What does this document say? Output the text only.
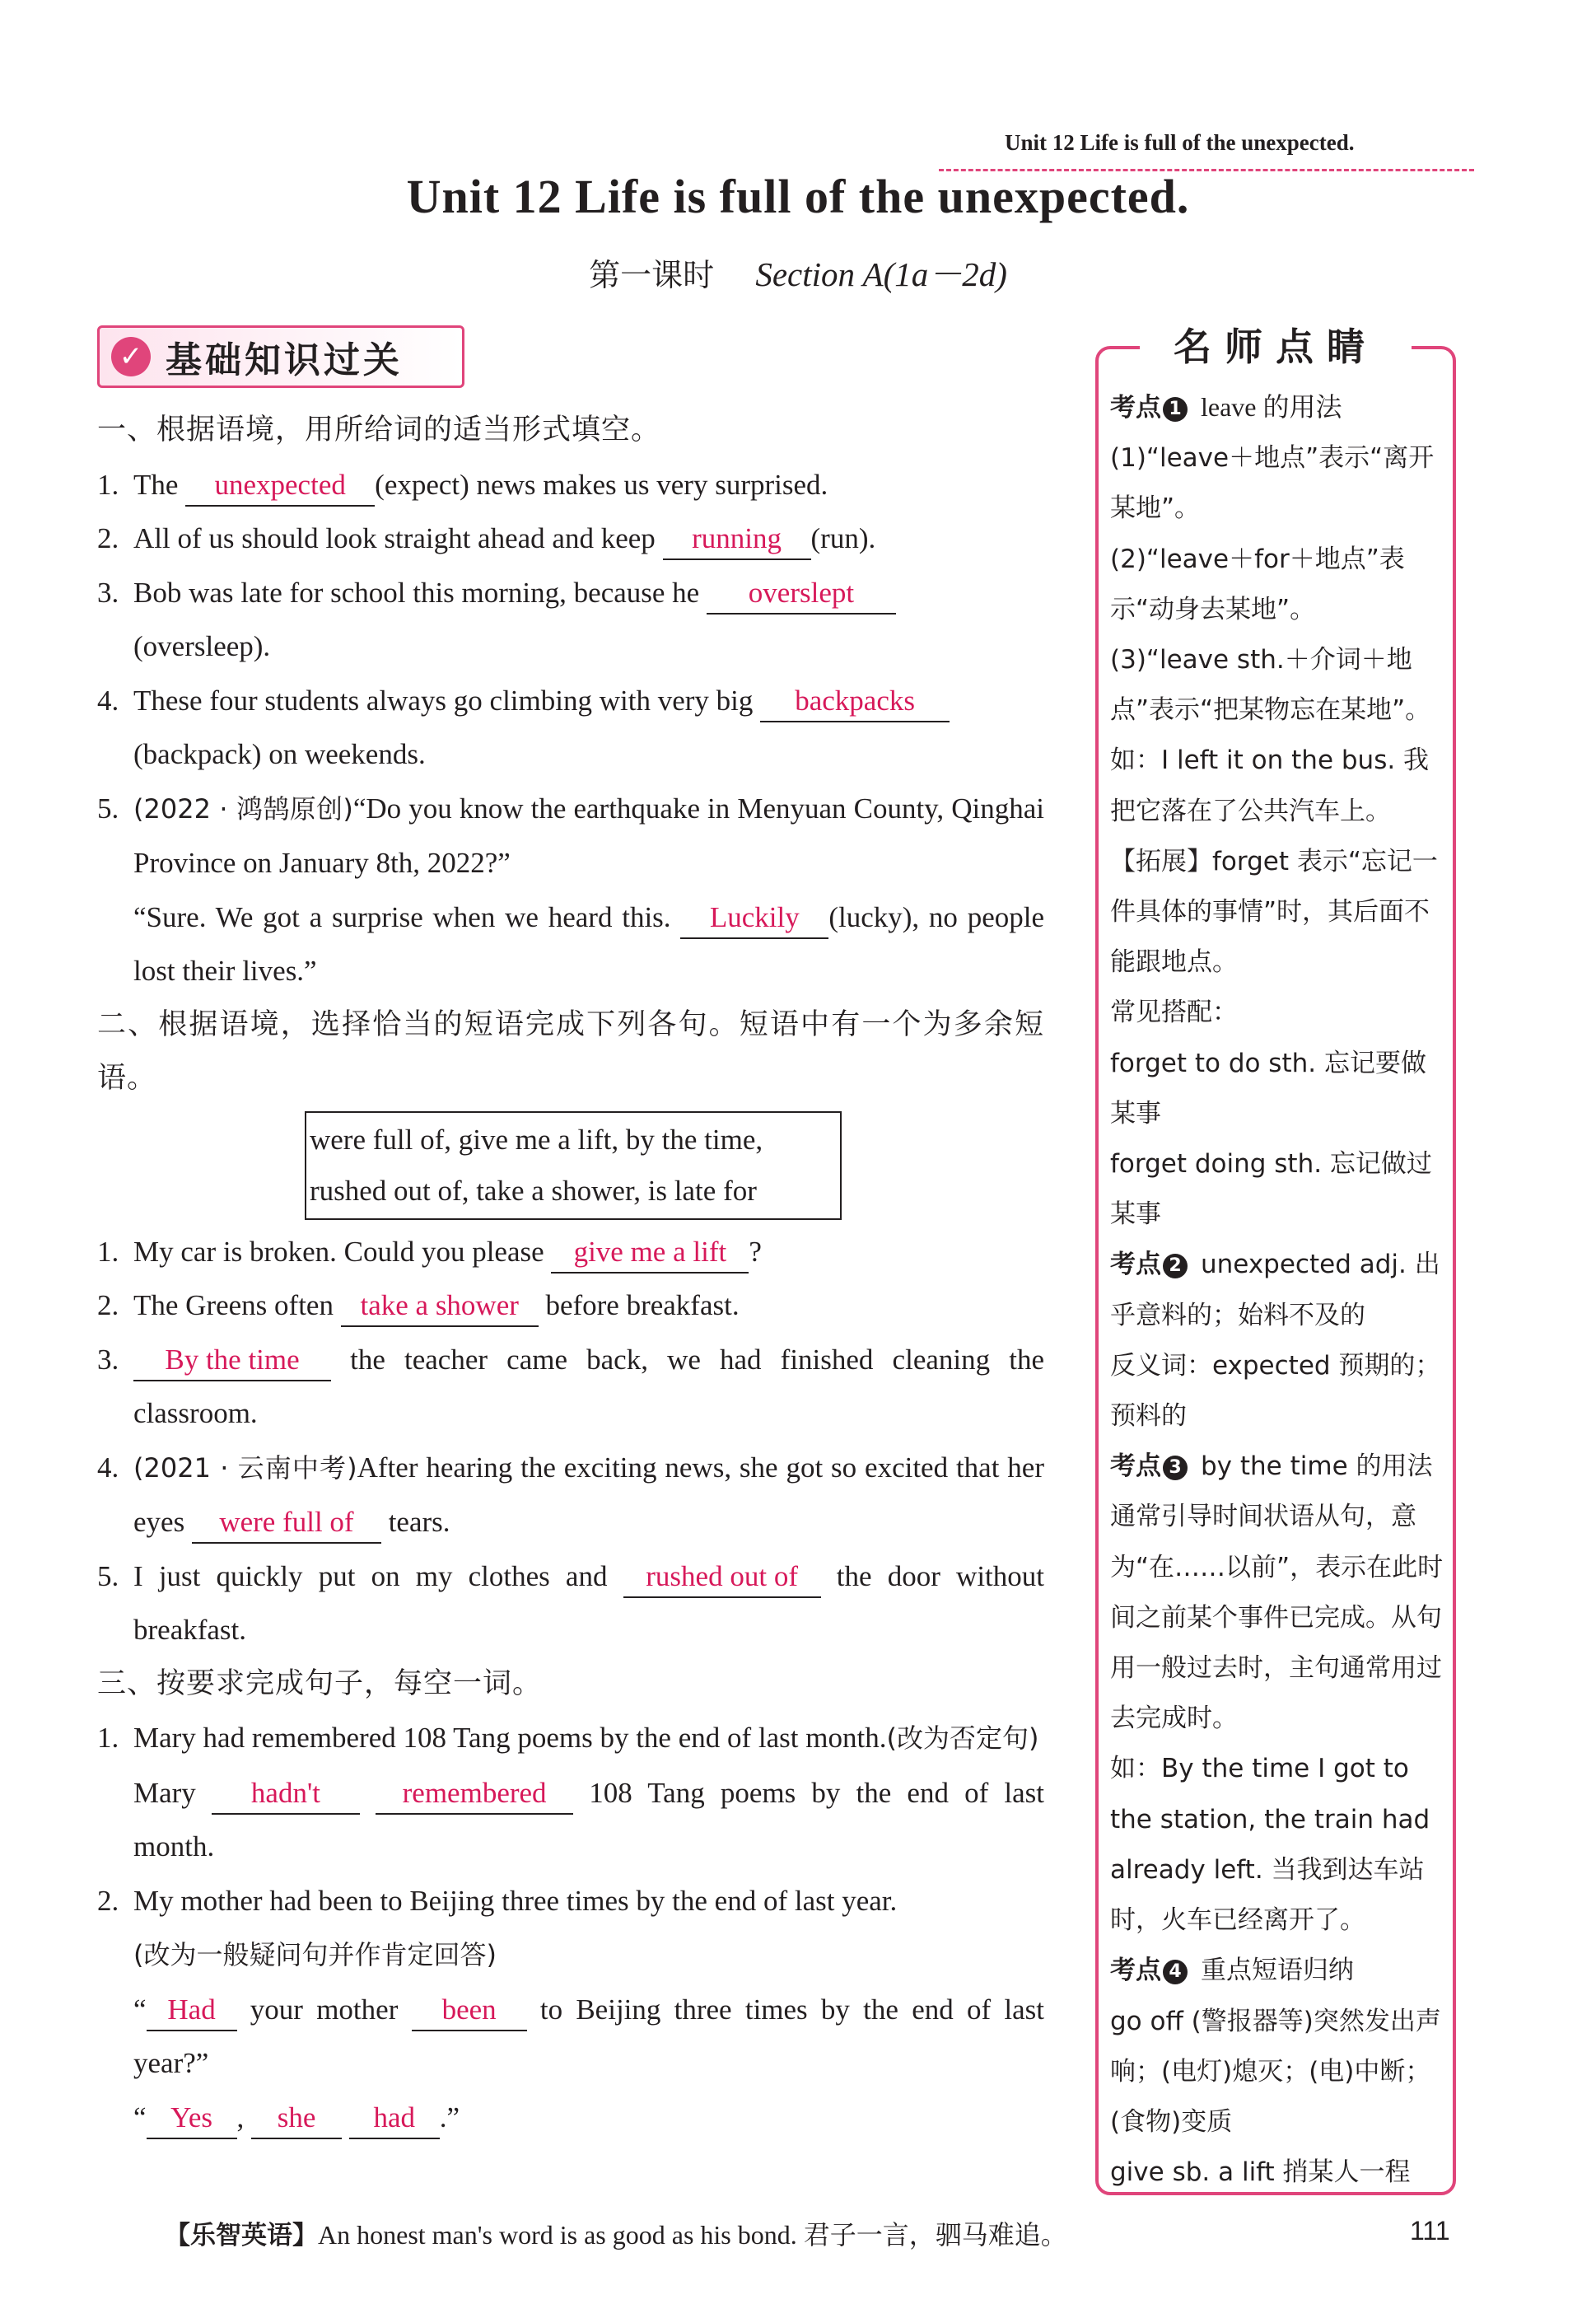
Unit 12 Life is full of the unexpected.
Unit 12 Life is full of the unexpected.
第一课时 Section A(1a－2d)
✓ 基础知识过关

一、根据语境，用所给词的适当形式填空。

1. The unexpected (expect) news makes us very surprised.

2. All of us should look straight ahead and keep running (run).

3. Bob was late for school this morning, because he overslept
(oversleep).

4. These four students always go climbing with very big backpacks
(backpack) on weekends.

5. (2022 · 鸿鹄原创)“Do you know the earthquake in Menyuan County, Qinghai Province on January 8th, 2022?”

“Sure. We got a surprise when we heard this. Luckily (lucky), no people lost their lives.”

二、根据语境，选择恰当的短语完成下列各句。短语中有一个为多余短语。

were full of, give me a lift, by the time,
rushed out of, take a shower, is late for

1. My car is broken. Could you please give me a lift ?

2. The Greens often take a shower before breakfast.

3. By the time the teacher came back, we had finished cleaning the classroom.

4. (2021 · 云南中考)After hearing the exciting news, she got so excited that her eyes were full of tears.

5. I just quickly put on my clothes and rushed out of the door without breakfast.

三、按要求完成句子，每空一词。

1. Mary had remembered 108 Tang poems by the end of last month.(改为否定句)

Mary hadn't	remembered 108 Tang poems by the end of last month.

2. My mother had been to Beijing three times by the end of last year.
(改为一般疑问句并作肯定回答)

“ Had your mother been to Beijing three times by the end of last year?”

“ Yes , she had .”

名师点睛

考点 1 leave 的用法

(1)“leave＋地点”表示“离开某地”。

(2)“leave＋for＋地点”表示“动身去某地”。

(3)“leave sth.＋介词＋地点”表示“把某物忘在某地”。

如：I left it on the bus. 我把它落在了公共汽车上。

【拓展】forget 表示“忘记一件具体的事情”时，其后面不能跟地点。

常见搭配：

forget to do sth. 忘记要做某事

forget doing sth. 忘记做过某事

考点 2 unexpected adj. 出乎意料的；始料不及的

反义词：expected 预期的；预料的

考点 3 by the time 的用法

通常引导时间状语从句，意为“在……以前”，表示在此时间之前某个事件已完成。从句用一般过去时，主句通常用过去完成时。

如：By the time I got to the station, the train had already left. 当我到达车站时，火车已经离开了。

考点 4 重点短语归纳

go off (警报器等)突然发出声响；(电灯)熄灭；(电)中断；(食物)变质

give sb. a lift 捎某人一程

【乐智英语】An honest man's word is as good as his bond. 君子一言，驷马难追。	111
